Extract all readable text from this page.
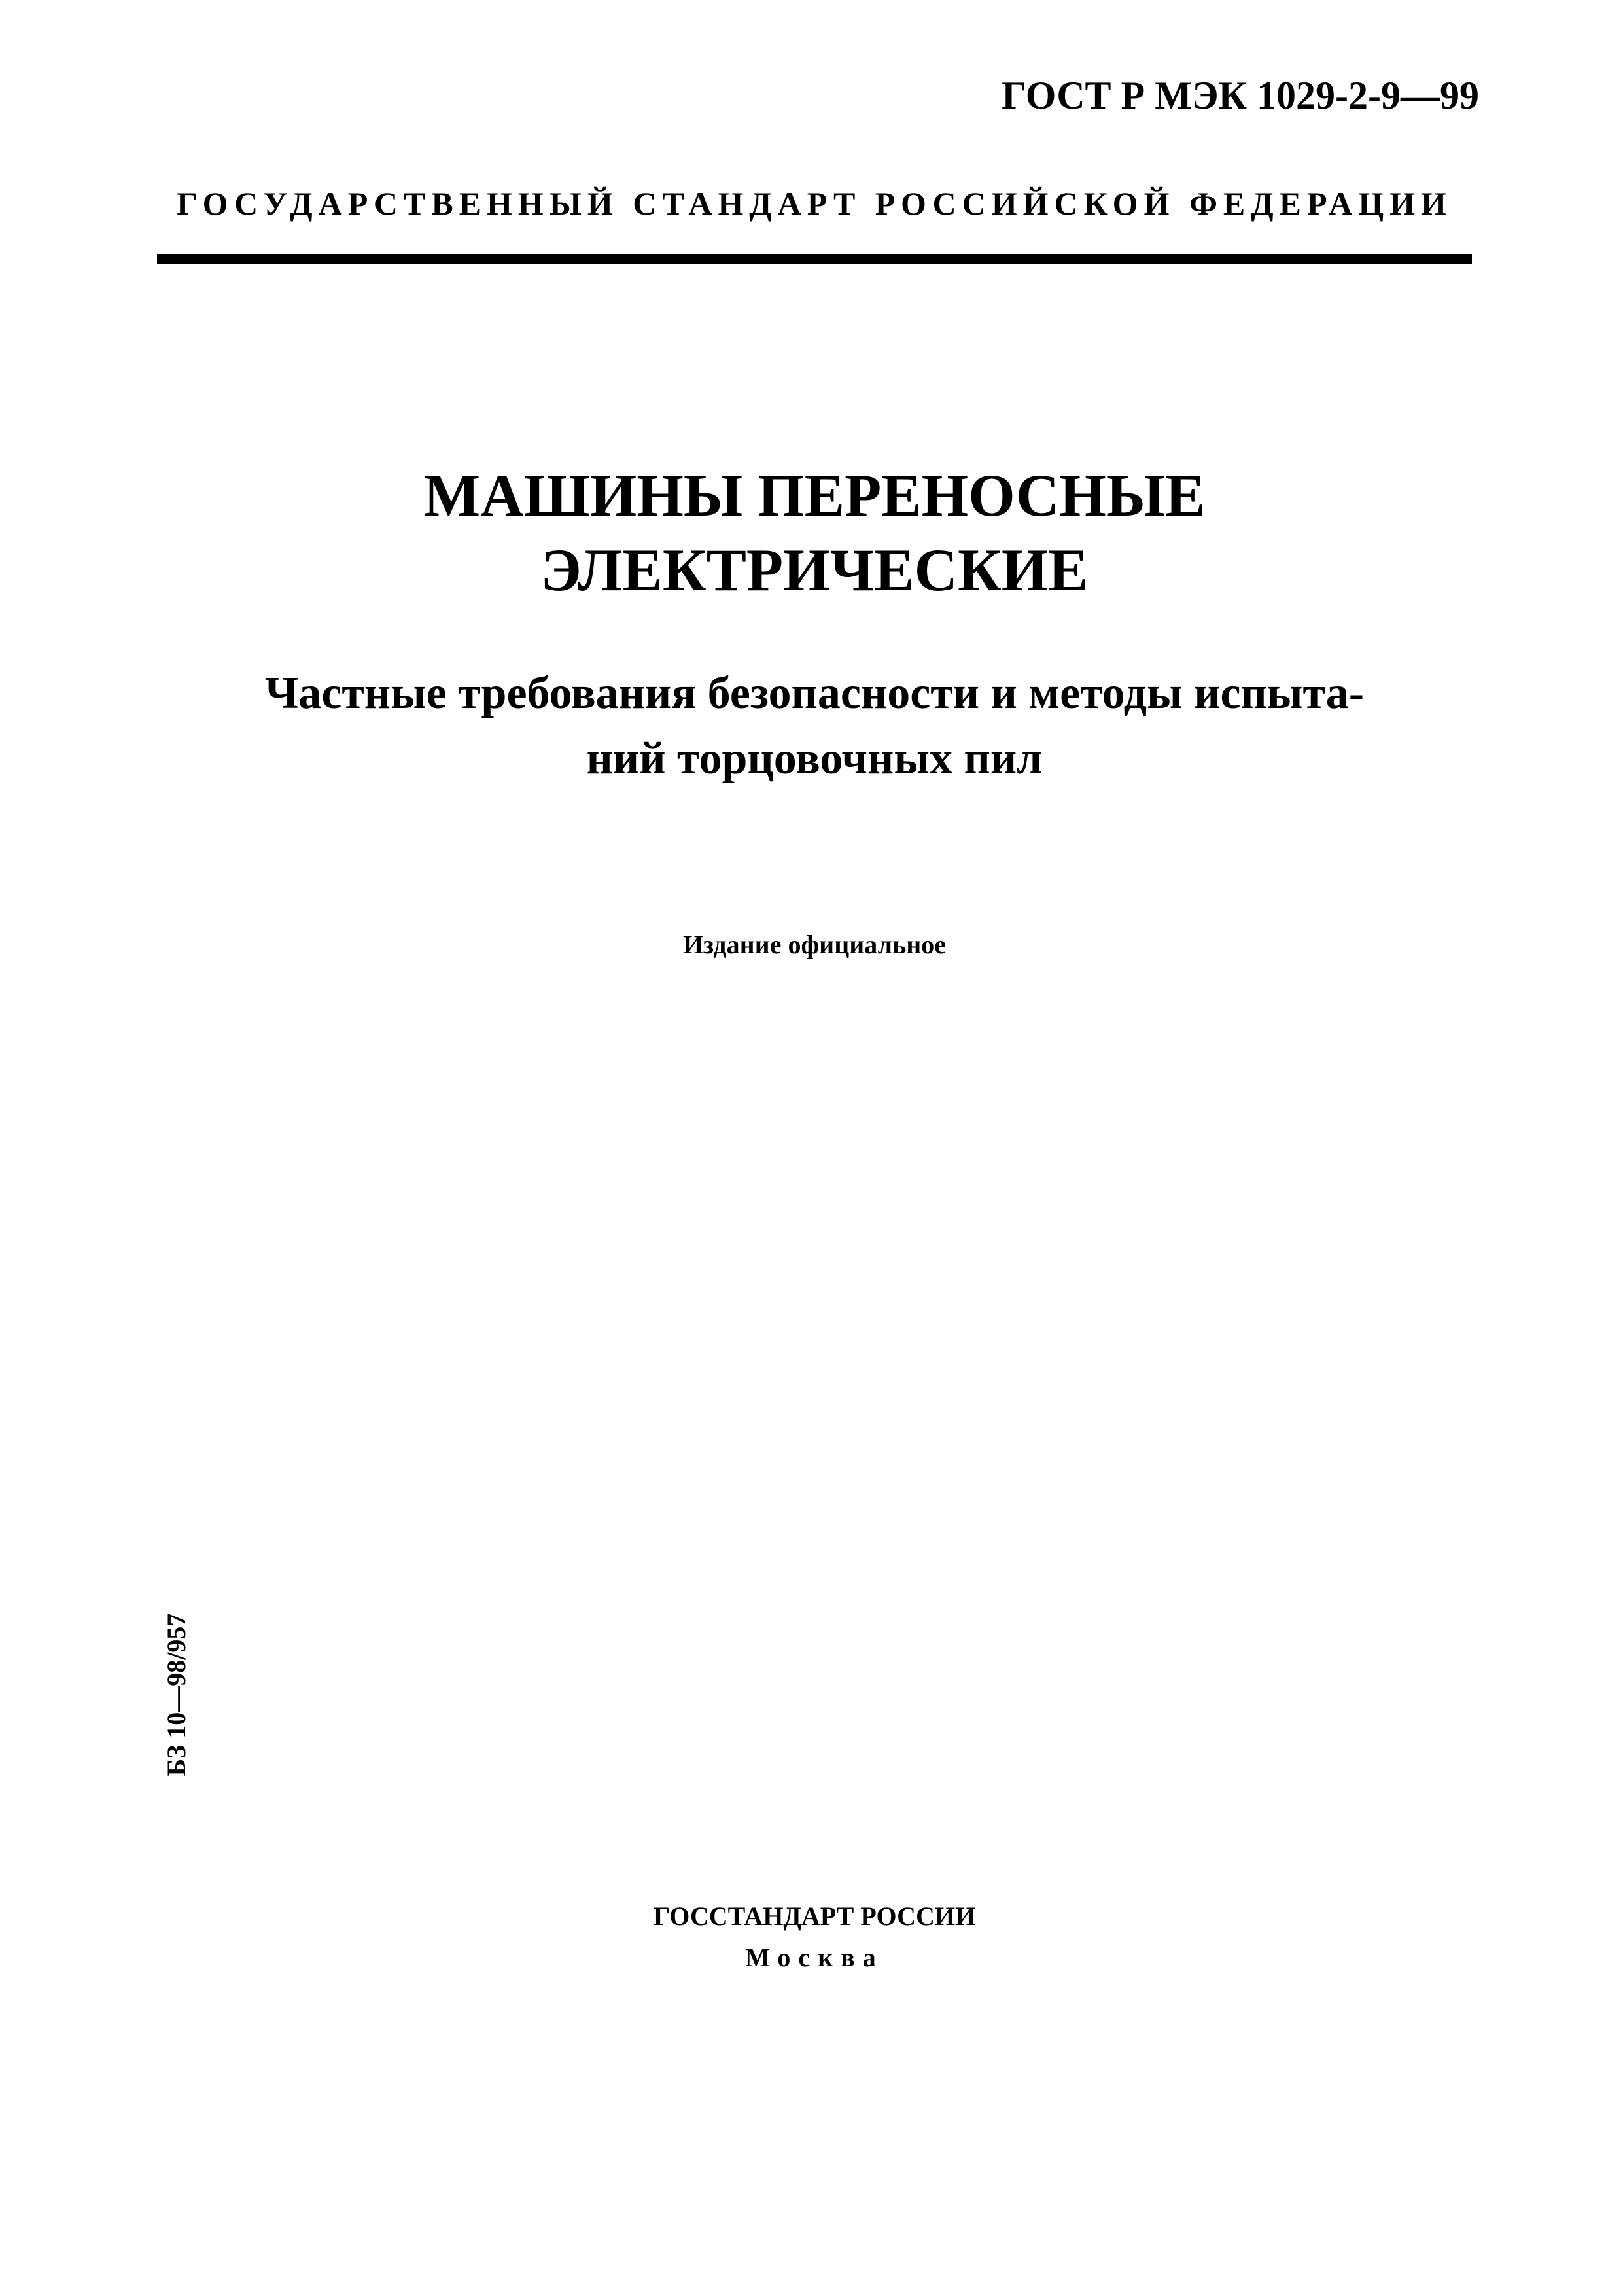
ГОСТ Р МЭК 1029-2-9—99
ГОСУДАРСТВЕННЫЙ СТАНДАРТ РОССИЙСКОЙ ФЕДЕРАЦИИ
МАШИНЫ ПЕРЕНОСНЫЕ
ЭЛЕКТРИЧЕСКИЕ
Частные требования безопасности и методы испыта-
ний торцовочных пил
Издание официальное
БЗ 10—98/957
ГОССТАНДАРТ РОССИИ
Москва
